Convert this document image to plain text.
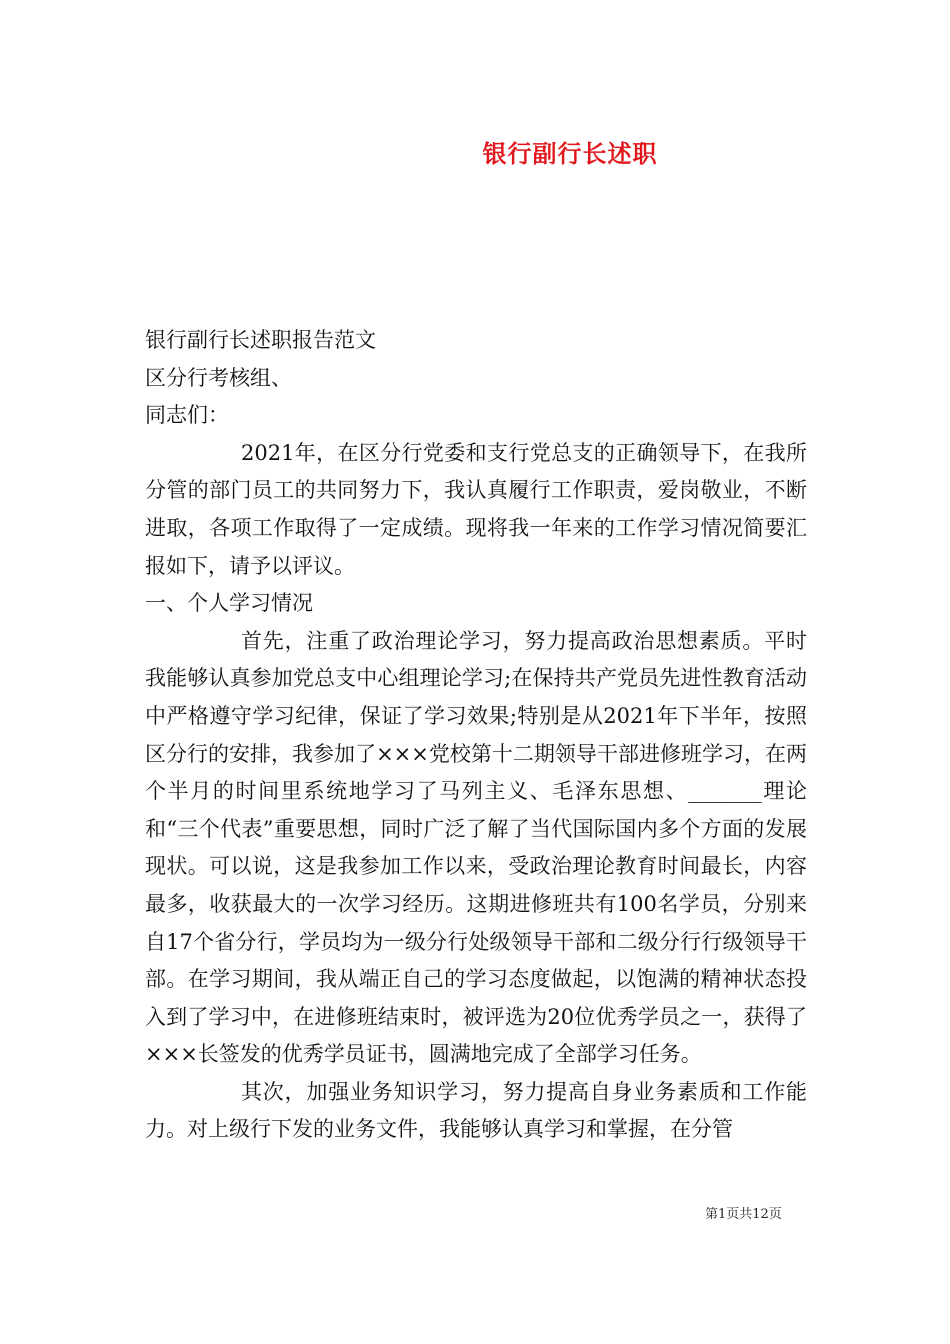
银行副行长述职

银行副行长述职报告范文

区分行考核组、

同志们：

2021年，在区分行党委和支行党总支的正确领导下，在我所分管的部门员工的共同努力下，我认真履行工作职责，爱岗敬业，不断进取，各项工作取得了一定成绩。现将我一年来的工作学习情况简要汇报如下，请予以评议。

一、个人学习情况

首先，注重了政治理论学习，努力提高政治思想素质。平时我能够认真参加党总支中心组理论学习;在保持共产党员先进性教育活动中严格遵守学习纪律，保证了学习效果;特别是从2021年下半年，按照区分行的安排，我参加了×××党校第十二期领导干部进修班学习，在两个半月的时间里系统地学习了马列主义、毛泽东思想、_______理论和“三个代表”重要思想，同时广泛了解了当代国际国内多个方面的发展现状。可以说，这是我参加工作以来，受政治理论教育时间最长，内容最多，收获最大的一次学习经历。这期进修班共有100名学员，分别来自17个省分行，学员均为一级分行处级领导干部和二级分行行级领导干部。在学习期间，我从端正自己的学习态度做起，以饱满的精神状态投入到了学习中，在进修班结束时，被评选为20位优秀学员之一，获得了×××长签发的优秀学员证书，圆满地完成了全部学习任务。

其次，加强业务知识学习，努力提高自身业务素质和工作能力。对上级行下发的业务文件，我能够认真学习和掌握，在分管

第1页共12页
